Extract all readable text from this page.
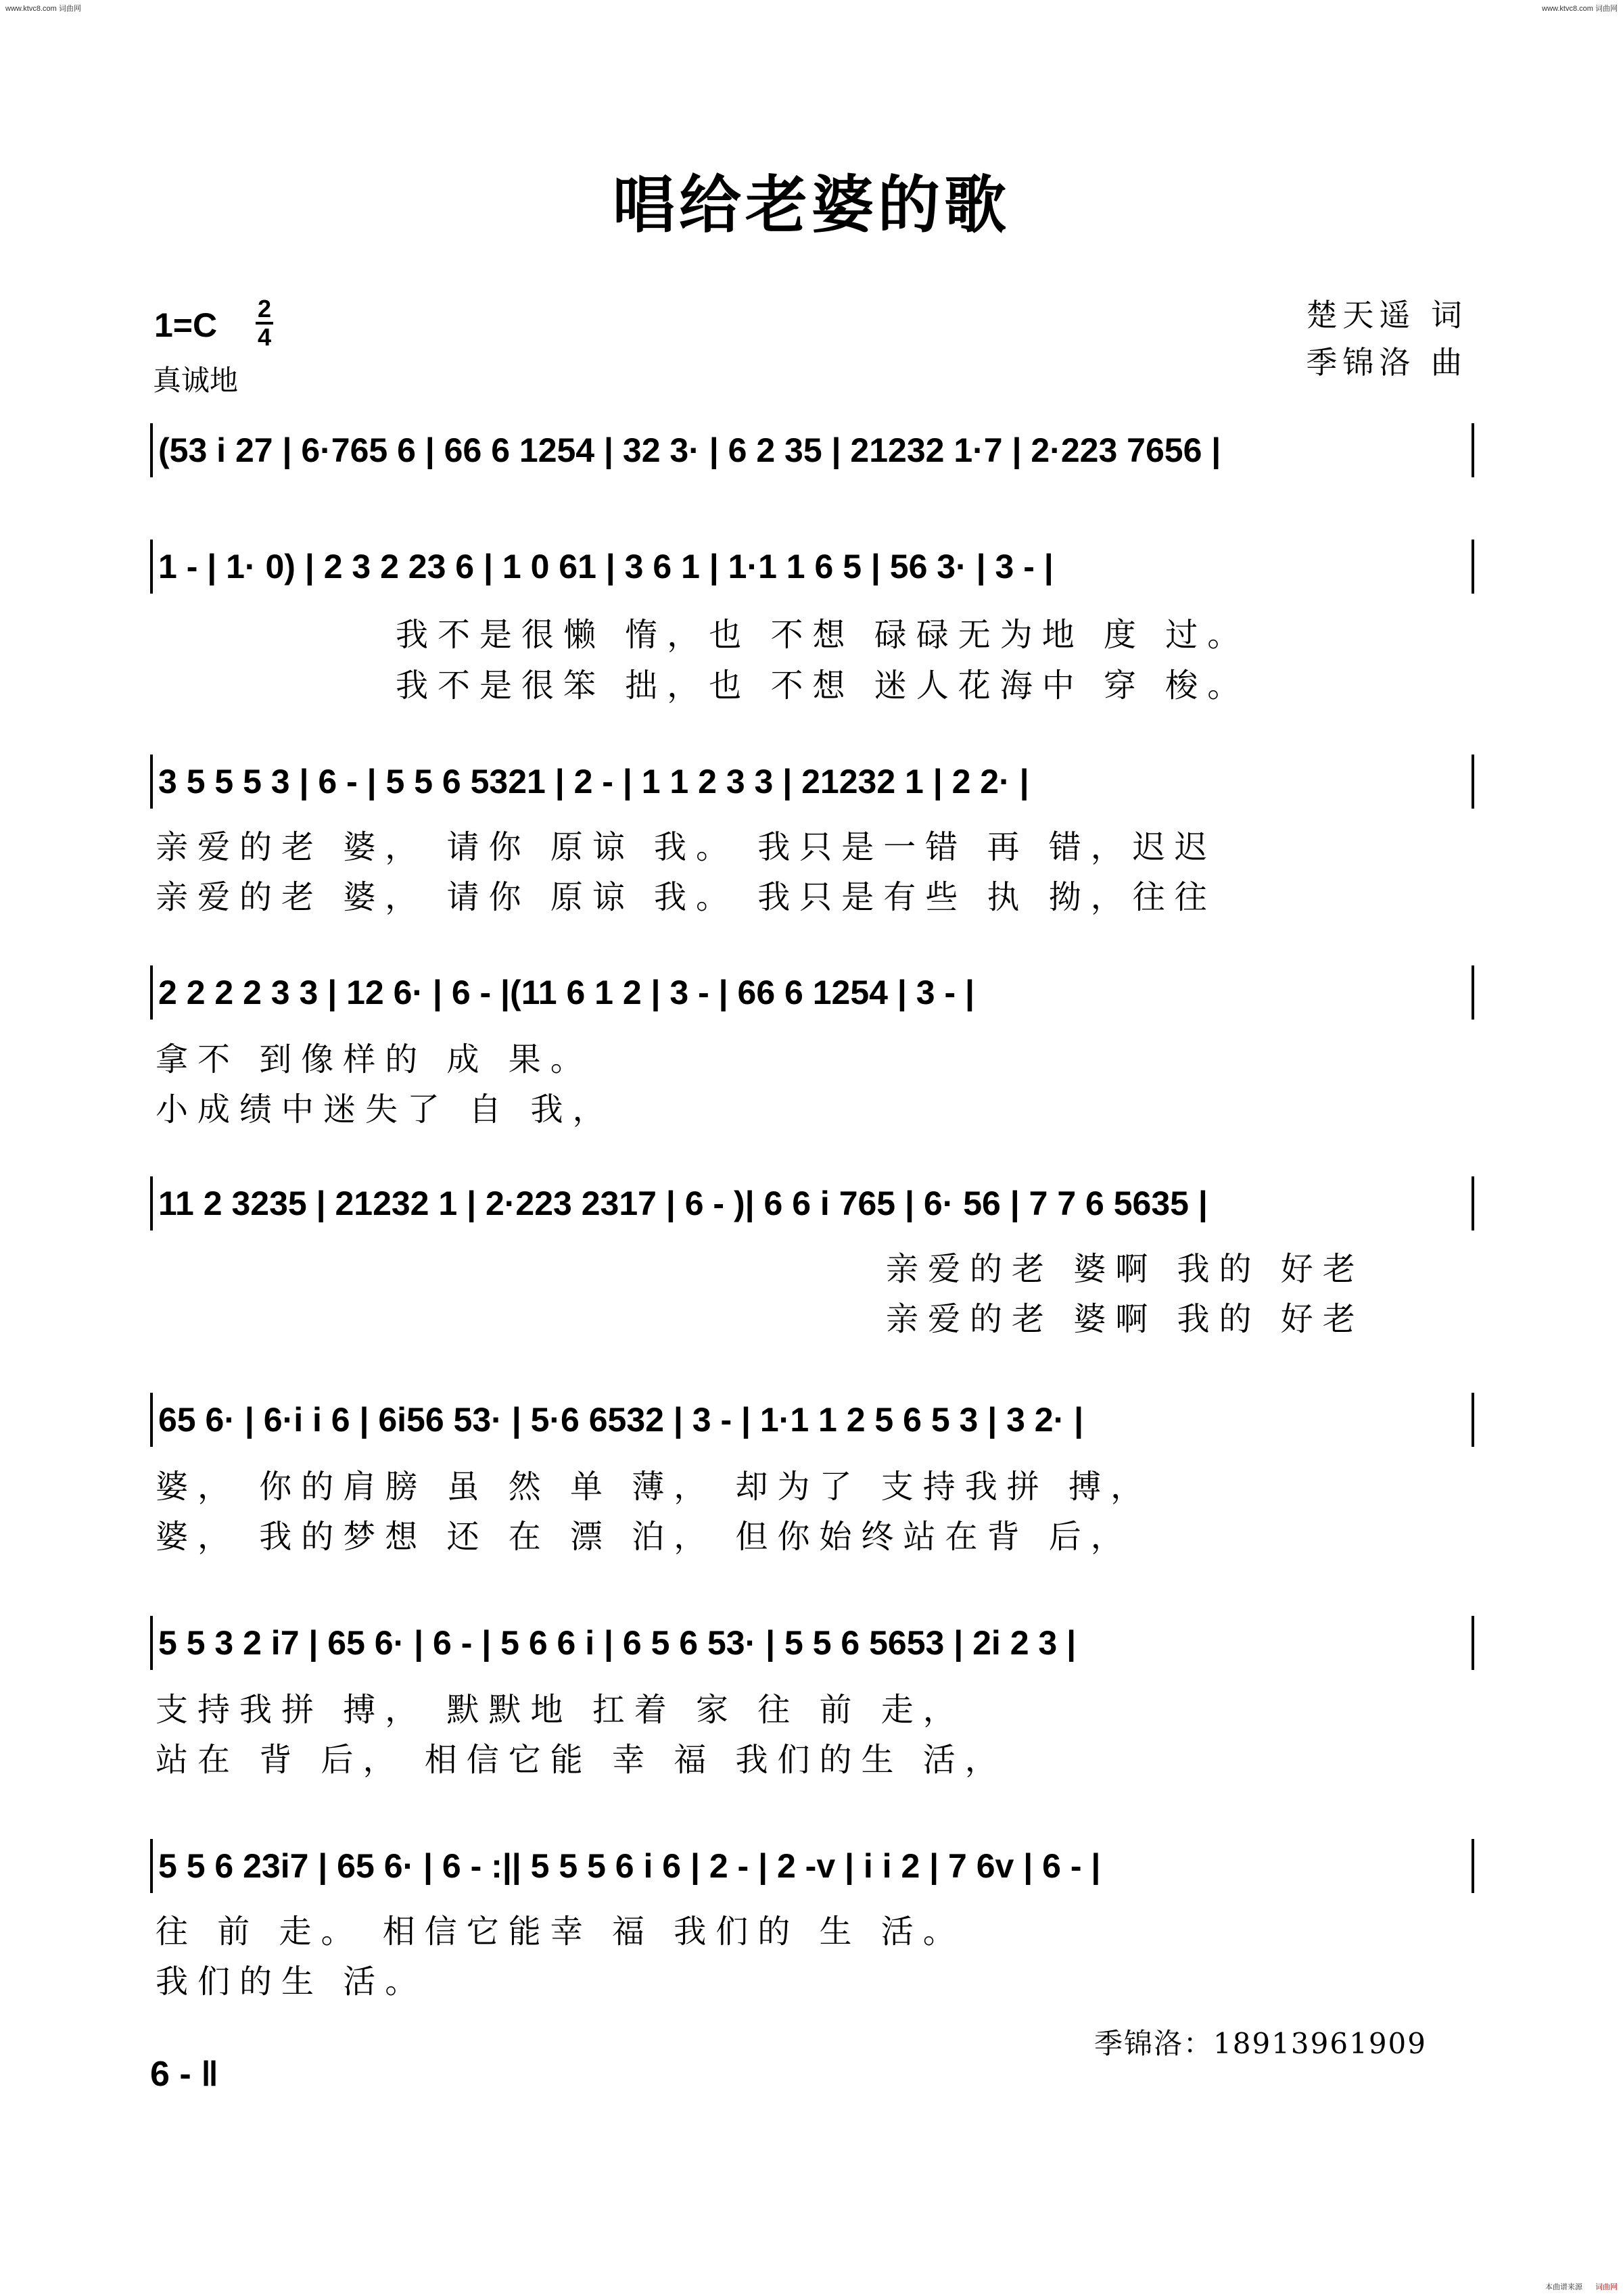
www.ktvc8.com 词曲网	www.ktvc8.com 词曲网
唱给老婆的歌
1=C 2
4
真诚地
楚天遥 词
季锦洛 曲
(53 i 27 | 6·765 6 | 66 6 1254 | 32 3· | 6 2 35 | 21232 1·7 | 2·223 7656 |
1 - | 1· 0) | 2 3 2 23 6 | 1 0 61 | 3 6 1 | 1·1 1 6 5 | 56 3· | 3 - |
我不是很懒 惰，也 不想 碌碌无为地 度 过。
我不是很笨 拙，也 不想 迷人花海中 穿 梭。
3 5 5 5 3 | 6 - | 5 5 6 5321 | 2 - | 1 1 2 3 3 | 21232 1 | 2 2· |
亲爱的老 婆， 请你 原谅 我。 我只是一错 再 错，迟迟
亲爱的老 婆， 请你 原谅 我。 我只是有些 执 拗，往往
2 2 2 2 3 3 | 12 6· | 6 - |(11 6 1 2 | 3 - | 66 6 1254 | 3 - |
拿不 到像样的 成 果。
小成绩中迷失了 自 我，
11 2 3235 | 21232 1 | 2·223 2317 | 6 - )| 6 6 i 765 | 6· 56 | 7 7 6 5635 |
亲爱的老 婆啊 我的 好老
亲爱的老 婆啊 我的 好老
65 6· | 6·i i 6 | 6i56 53· | 5·6 6532 | 3 - | 1·1 1 2 5 6 5 3 | 3 2· |
婆， 你的肩膀 虽 然 单 薄， 却为了 支持我拼 搏，
婆， 我的梦想 还 在 漂 泊， 但你始终站在背 后，
5 5 3 2 i7 | 65 6· | 6 - | 5 6 6 i | 6 5 6 53· | 5 5 6 5653 | 2i 2 3 |
支持我拼 搏， 默默地 扛着 家 往 前 走，
站在 背 后， 相信它能 幸 福 我们的生 活，
5 5 6 23i7 | 65 6· | 6 - :|| 5 5 5 6 i 6 | 2 - | 2 -v | i i 2 | 7 6v | 6 - |
往 前 走。 相信它能幸 福 我们的 生 活。
我们的生 活。
6 - ‖
季锦洛：18913961909
本曲谱来源 词曲网
